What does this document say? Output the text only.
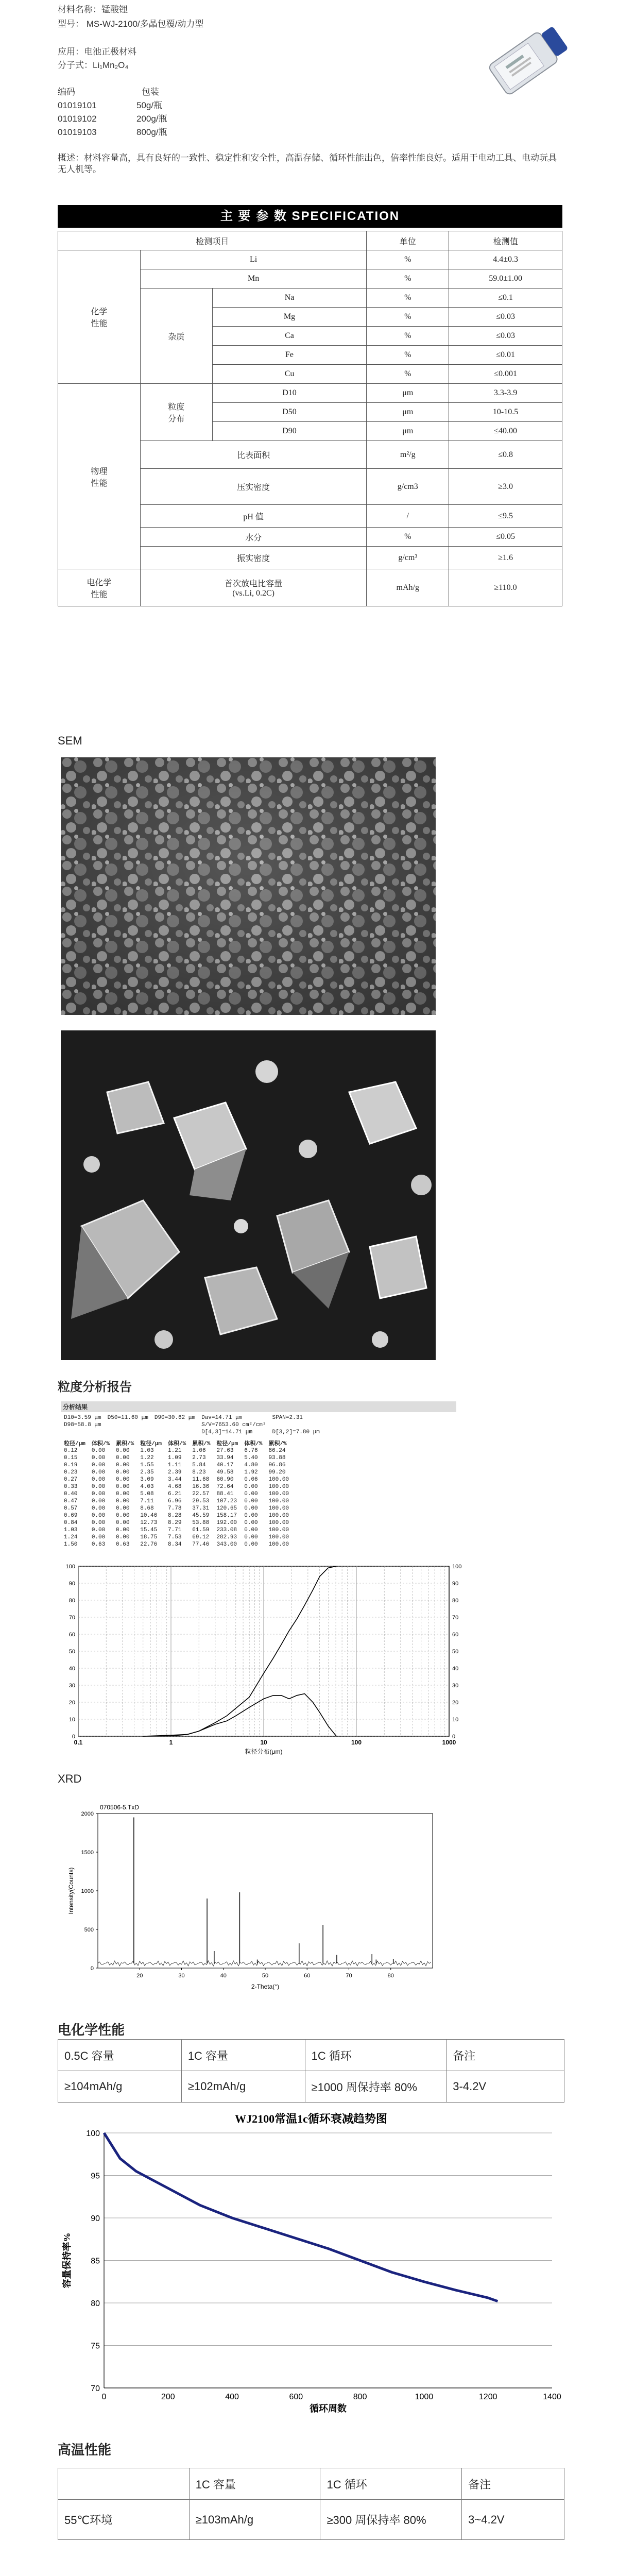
材料名称：锰酸锂
型号： MS-WJ-2100/多晶包覆/动力型
应用：电池正极材料
分子式：Li₁Mn₂O₄
编码	包装
01019101	50g/瓶
01019102	200g/瓶
01019103	800g/瓶
概述：材料容量高，具有良好的一致性、稳定性和安全性，高温存储、循环性能出色，倍率性能良好。适用于电动工具、电动玩具 无人机等。
主 要 参 数 SPECIFICATION
检测项目			单位	检测值

化学性能	Li		%	4.4±0.3
	Mn		%	59.0±1.00
	杂质	Na	%	≤0.1
		Mg	%	≤0.03
		Ca	%	≤0.03
		Fe	%	≤0.01
		Cu	%	≤0.001

物理性能	粒度分布	D10	μm	3.3-3.9
		D50	μm	10-10.5
		D90	μm	≤40.00
	比表面积		m²/g	≤0.8
	压实密度		g/cm3	≥3.0
	pH 值		/	≤9.5
	水分		%	≤0.05
	振实密度		g/cm³	≥1.6

电化学性能	首次放电比容量
(vs.Li, 0.2C)		mAh/g	≥110.0
SEM
粒度分析报告
分析结果
D10=3.59 μm	D50=11.60 μm	D90=30.62 μm	Dav=14.71 μm	SPAN=2.31
D98=58.8 μm			S/V=7653.60 cm²/cm³	
			D[4,3]=14.71 μm	D[3,2]=7.80 μm
粒径/μm	体积/%	累积/%	粒径/μm	体积/%	累积/%	粒径/μm	体积/%	累积/%
0.12	0.00	0.00	1.03	1.21	1.06	27.63	6.76	86.24
0.15	0.00	0.00	1.22	1.09	2.73	33.94	5.40	93.88
0.19	0.00	0.00	1.55	1.11	5.84	40.17	4.80	96.86
0.23	0.00	0.00	2.35	2.39	8.23	49.58	1.92	99.20
0.27	0.00	0.00	3.09	3.44	11.68	60.90	0.06	100.00
0.33	0.00	0.00	4.03	4.68	16.36	72.64	0.00	100.00
0.40	0.00	0.00	5.08	6.21	22.57	88.41	0.00	100.00
0.47	0.00	0.00	7.11	6.96	29.53	107.23	0.00	100.00
0.57	0.00	0.00	8.68	7.78	37.31	120.65	0.00	100.00
0.69	0.00	0.00	10.46	8.28	45.59	158.17	0.00	100.00
0.84	0.00	0.00	12.73	8.29	53.88	192.00	0.00	100.00
1.03	0.00	0.00	15.45	7.71	61.59	233.08	0.00	100.00
1.24	0.00	0.00	18.75	7.53	69.12	282.93	0.00	100.00
1.50	0.63	0.63	22.76	8.34	77.46	343.00	0.00	100.00
0	0
10	10
20	20
30	30
40	40
50	50
60	60
70	70
80	80
90	90
100	100
0.1	1	10	100	1000
粒径分布(μm)
XRD
070506-5.TxD
0
500
1000
1500
2000
20	30	40	50	60	70	80
Intensity(Counts)
2-Theta(°)
电化学性能
0.5C 容量	1C 容量	1C 循环	备注
≥104mAh/g	≥102mAh/g	≥1000 周保持率 80%	3-4.2V
WJ2100常温1c循环衰减趋势图
70
75
80
85
90
95
100
0	200	400	600	800	1000	1200	1400
循环周数
容量保持率%
高温性能
	1C 容量	1C 循环	备注
55℃环境	≥103mAh/g	≥300 周保持率 80%	3~4.2V
